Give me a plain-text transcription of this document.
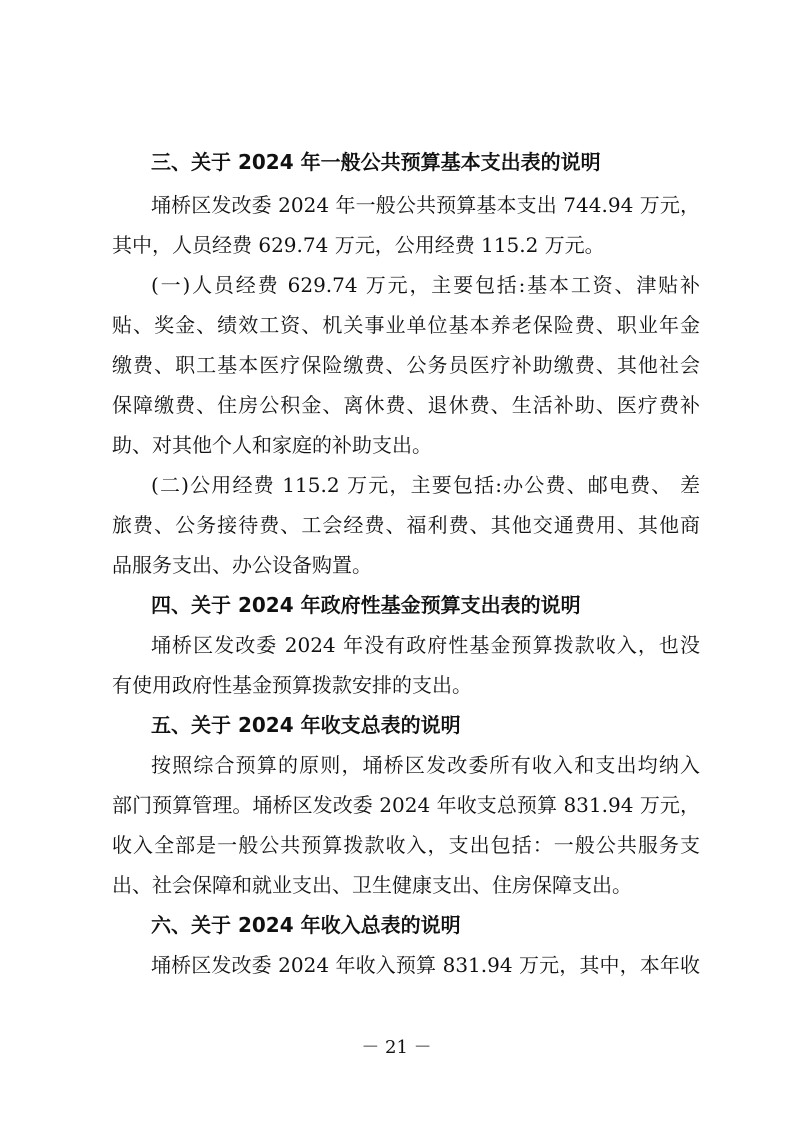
三、关于 2024 年一般公共预算基本支出表的说明
埇桥区发改委 2024 年一般公共预算基本支出 744.94 万元，
其中，人员经费 629.74 万元，公用经费 115.2 万元。
(一)人员经费 629.74 万元，主要包括:基本工资、津贴补
贴、奖金、绩效工资、机关事业单位基本养老保险费、职业年金
缴费、职工基本医疗保险缴费、公务员医疗补助缴费、其他社会
保障缴费、住房公积金、离休费、退休费、生活补助、医疗费补
助、对其他个人和家庭的补助支出。
(二)公用经费 115.2 万元，主要包括:办公费、邮电费、 差
旅费、公务接待费、工会经费、福利费、其他交通费用、其他商
品服务支出、办公设备购置。
四、关于 2024 年政府性基金预算支出表的说明
埇桥区发改委 2024 年没有政府性基金预算拨款收入，也没
有使用政府性基金预算拨款安排的支出。
五、关于 2024 年收支总表的说明
按照综合预算的原则，埇桥区发改委所有收入和支出均纳入
部门预算管理。埇桥区发改委 2024 年收支总预算 831.94 万元，
收入全部是一般公共预算拨款收入，支出包括：一般公共服务支
出、社会保障和就业支出、卫生健康支出、住房保障支出。
六、关于 2024 年收入总表的说明
埇桥区发改委 2024 年收入预算 831.94 万元，其中，本年收
－ 21 －
